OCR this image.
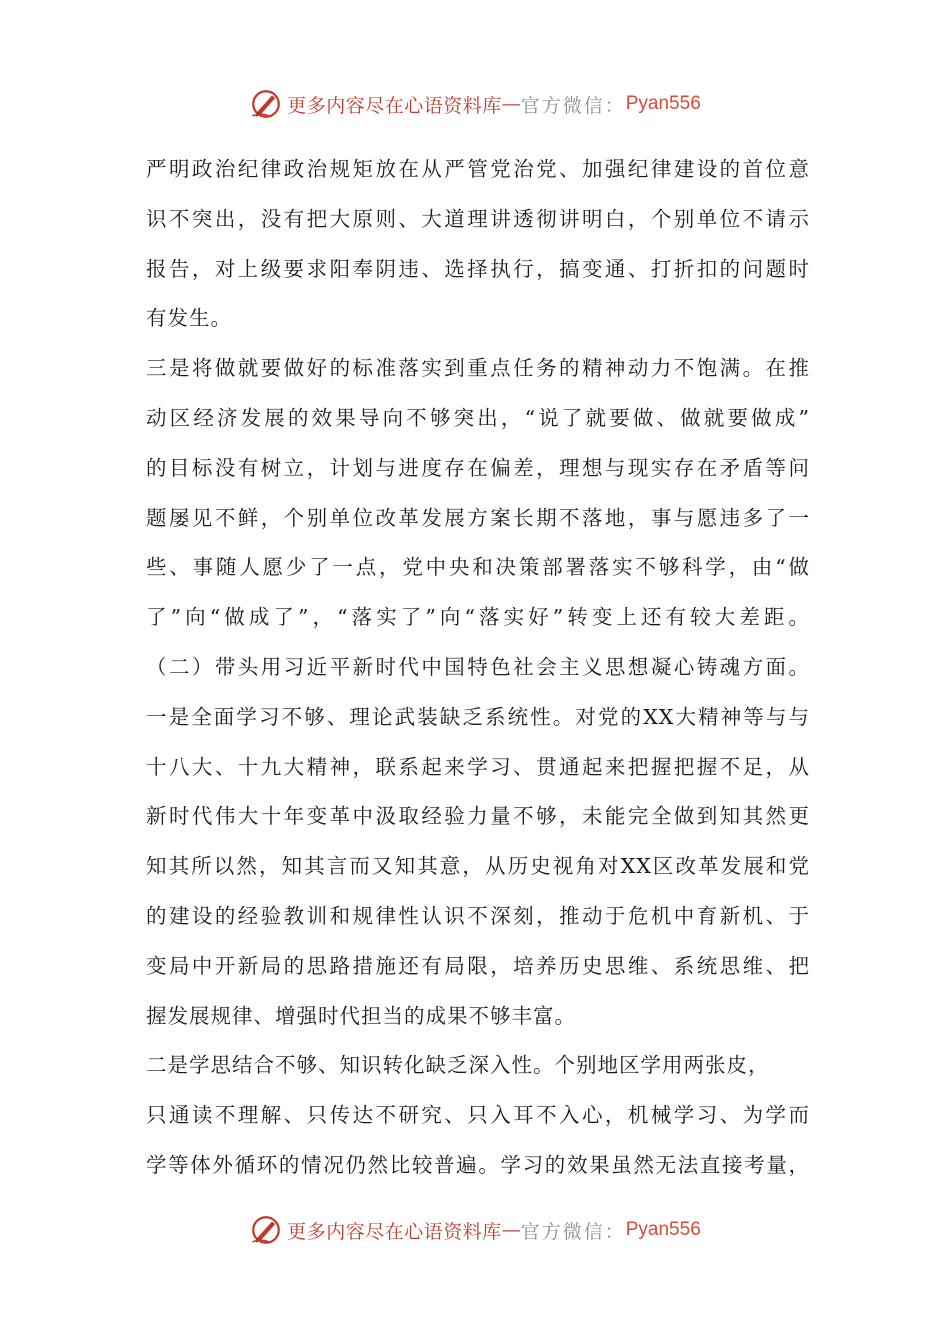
更多内容尽在心语资料库 — 官方微信： Pyan556
严明政治纪律政治规矩放在从严管党治党、加强纪律建设的首位意
识不突出，没有把大原则、大道理讲透彻讲明白，个别单位不请示
报告，对上级要求阳奉阴违、选择执行，搞变通、打折扣的问题时
有发生。
三是将做就要做好的标准落实到重点任务的精神动力不饱满。在推
动区经济发展的效果导向不够突出，“说了就要做、做就要做成”
的目标没有树立，计划与进度存在偏差，理想与现实存在矛盾等问
题屡见不鲜，个别单位改革发展方案长期不落地，事与愿违多了一
些、事随人愿少了一点，党中央和决策部署落实不够科学，由“做
了”向“做成了”，“落实了”向“落实好”转变上还有较大差距。
（二）带头用习近平新时代中国特色社会主义思想凝心铸魂方面。
一是全面学习不够、理论武装缺乏系统性。对党的XX大精神等与与
十八大、十九大精神，联系起来学习、贯通起来把握把握不足，从
新时代伟大十年变革中汲取经验力量不够，未能完全做到知其然更
知其所以然，知其言而又知其意，从历史视角对XX区改革发展和党
的建设的经验教训和规律性认识不深刻，推动于危机中育新机、于
变局中开新局的思路措施还有局限，培养历史思维、系统思维、把
握发展规律、增强时代担当的成果不够丰富。
二是学思结合不够、知识转化缺乏深入性。个别地区学用两张皮，
只通读不理解、只传达不研究、只入耳不入心，机械学习、为学而
学等体外循环的情况仍然比较普遍。学习的效果虽然无法直接考量，
更多内容尽在心语资料库 — 官方微信： Pyan556
